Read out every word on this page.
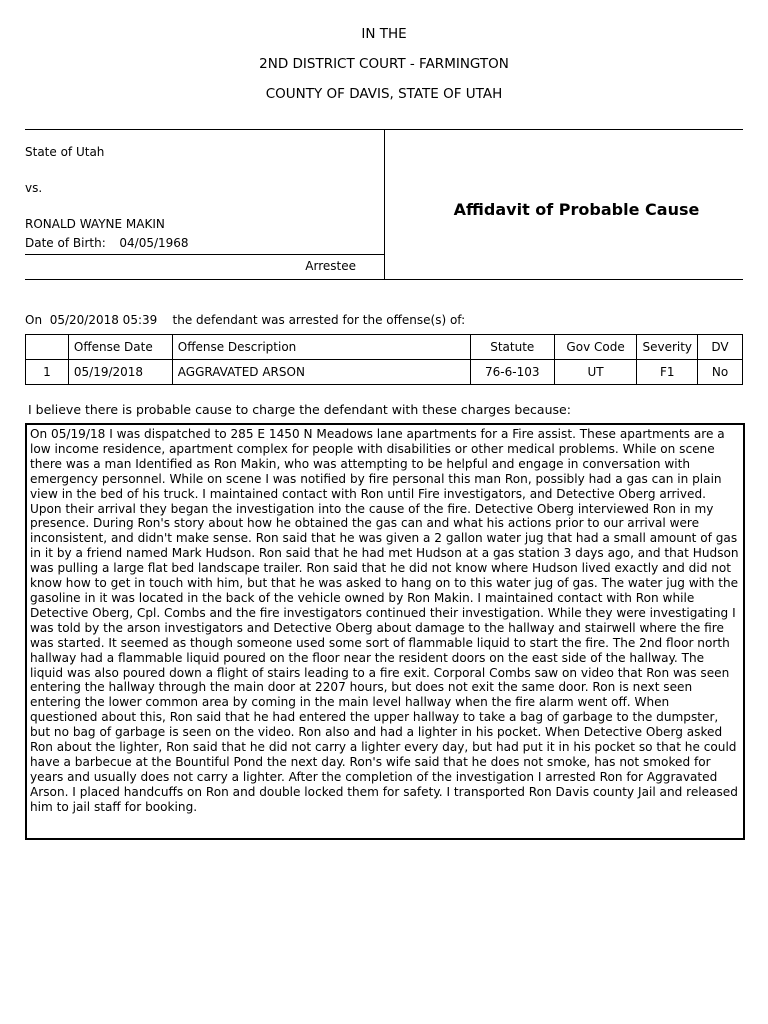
IN THE
2ND DISTRICT COURT - FARMINGTON
COUNTY OF DAVIS, STATE OF UTAH
State of Utah
vs.
RONALD WAYNE MAKIN
Date of Birth: 04/05/1968
Arrestee
Affidavit of Probable Cause
On 05/20/2018 05:39 the defendant was arrested for the offense(s) of:
	Offense Date	Offense Description	Statute	Gov Code	Severity	DV
1	05/19/2018	AGGRAVATED ARSON	76-6-103	UT	F1	No
I believe there is probable cause to charge the defendant with these charges because:
On 05/19/18 I was dispatched to 285 E 1450 N Meadows lane apartments for a Fire assist. These apartments are a low income residence, apartment complex for people with disabilities or other medical problems. While on scene there was a man Identified as Ron Makin, who was attempting to be helpful and engage in conversation with emergency personnel. While on scene I was notified by fire personal this man Ron, possibly had a gas can in plain view in the bed of his truck. I maintained contact with Ron until Fire investigators, and Detective Oberg arrived. Upon their arrival they began the investigation into the cause of the fire. Detective Oberg interviewed Ron in my presence. During Ron's story about how he obtained the gas can and what his actions prior to our arrival were inconsistent, and didn't make sense. Ron said that he was given a 2 gallon water jug that had a small amount of gas in it by a friend named Mark Hudson. Ron said that he had met Hudson at a gas station 3 days ago, and that Hudson was pulling a large flat bed landscape trailer. Ron said that he did not know where Hudson lived exactly and did not know how to get in touch with him, but that he was asked to hang on to this water jug of gas. The water jug with the gasoline in it was located in the back of the vehicle owned by Ron Makin. I maintained contact with Ron while Detective Oberg, Cpl. Combs and the fire investigators continued their investigation. While they were investigating I was told by the arson investigators and Detective Oberg about damage to the hallway and stairwell where the fire was started. It seemed as though someone used some sort of flammable liquid to start the fire. The 2nd floor north hallway had a flammable liquid poured on the floor near the resident doors on the east side of the hallway. The liquid was also poured down a flight of stairs leading to a fire exit. Corporal Combs saw on video that Ron was seen entering the hallway through the main door at 2207 hours, but does not exit the same door. Ron is next seen entering the lower common area by coming in the main level hallway when the fire alarm went off. When questioned about this, Ron said that he had entered the upper hallway to take a bag of garbage to the dumpster, but no bag of garbage is seen on the video. Ron also and had a lighter in his pocket. When Detective Oberg asked Ron about the lighter, Ron said that he did not carry a lighter every day, but had put it in his pocket so that he could have a barbecue at the Bountiful Pond the next day. Ron's wife said that he does not smoke, has not smoked for years and usually does not carry a lighter. After the completion of the investigation I arrested Ron for Aggravated Arson. I placed handcuffs on Ron and double locked them for safety. I transported Ron Davis county Jail and released him to jail staff for booking.
